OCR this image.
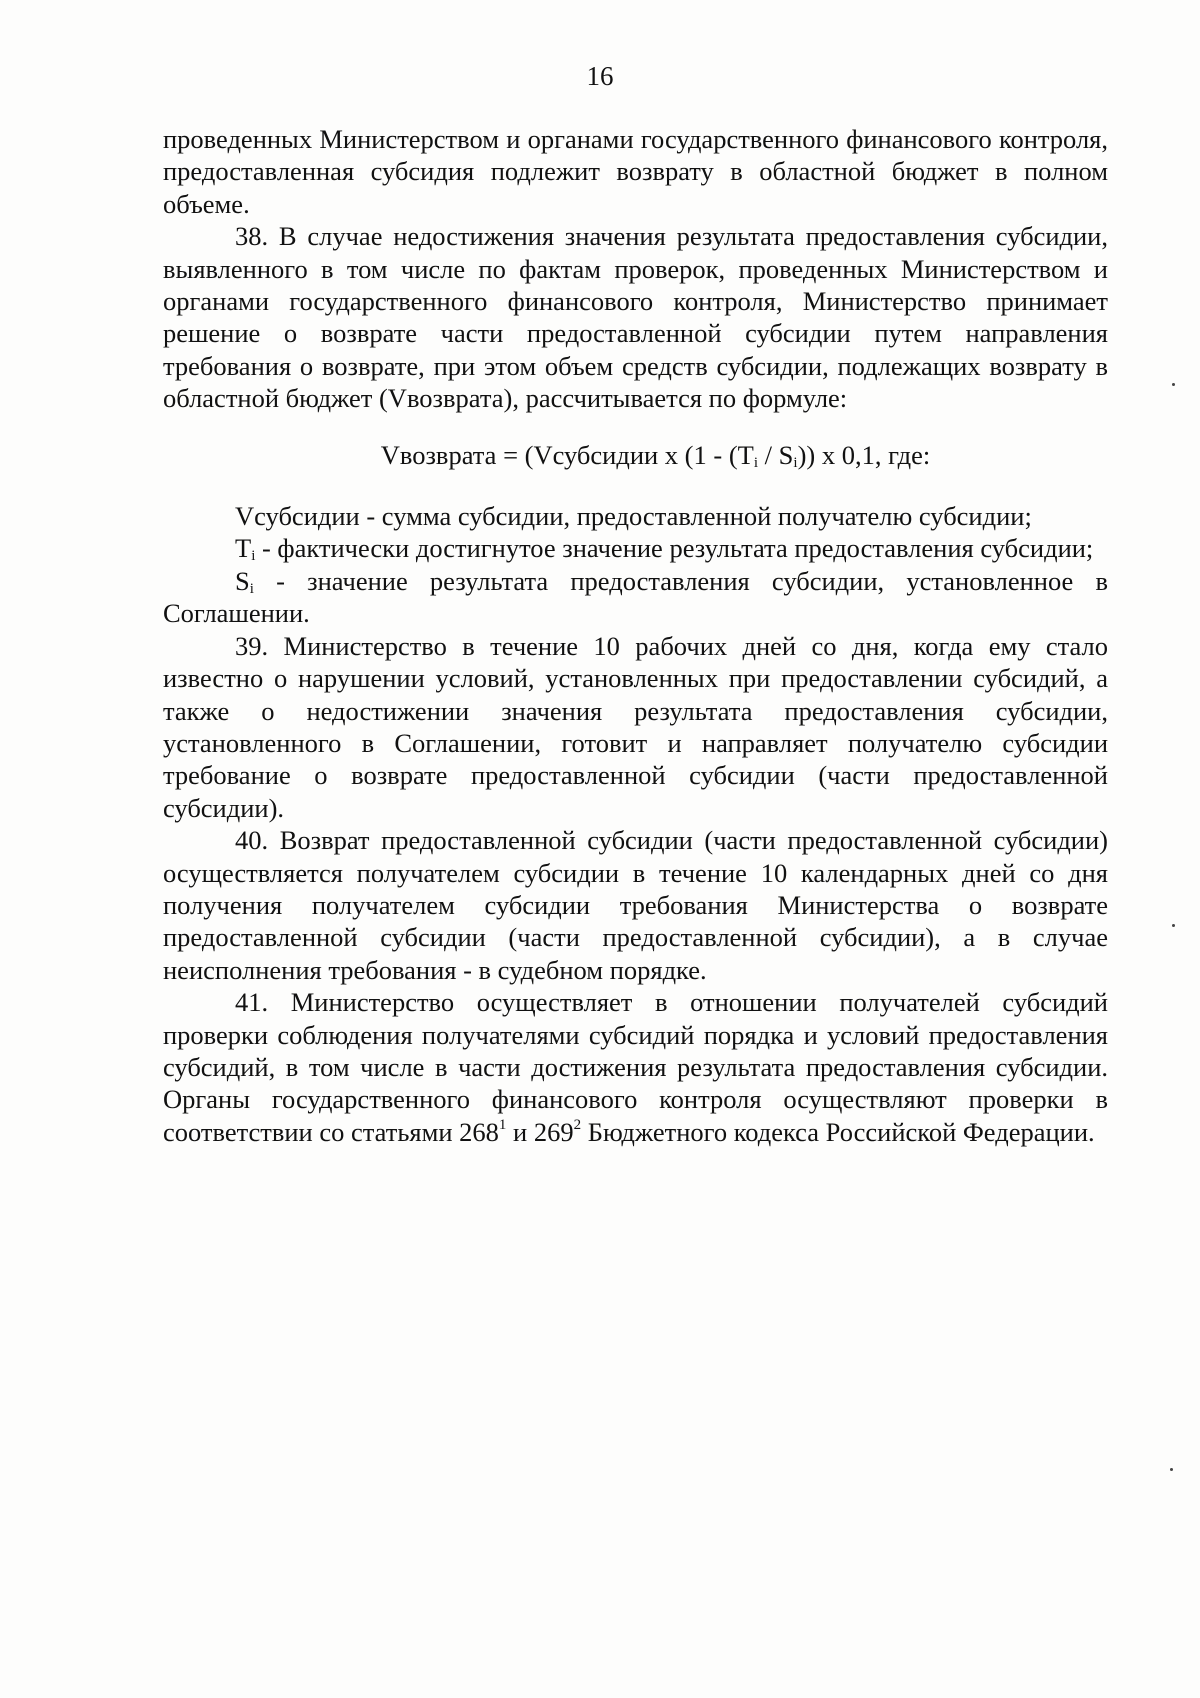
16

проведенных Министерством и органами государственного финансового контроля, предоставленная субсидия подлежит возврату в областной бюджет в полном объеме.

38. В случае недостижения значения результата предоставления субсидии, выявленного в том числе по фактам проверок, проведенных Министерством и органами государственного финансового контроля, Министерство принимает решение о возврате части предоставленной субсидии путем направления требования о возврате, при этом объем средств субсидии, подлежащих возврату в областной бюджет (Vвозврата), рассчитывается по формуле:

Vвозврата = (Vсубсидии x $(1 - (T_i / S_i))$ x 0,1, где:

Vсубсидии - сумма субсидии, предоставленной получателю субсидии;

$T_i$ - фактически достигнутое значение результата предоставления субсидии;

$S_i$ - значение результата предоставления субсидии, установленное в Соглашении.

39. Министерство в течение 10 рабочих дней со дня, когда ему стало известно о нарушении условий, установленных при предоставлении субсидий, а также о недостижении значения результата предоставления субсидии, установленного в Соглашении, готовит и направляет получателю субсидии требование о возврате предоставленной субсидии (части предоставленной субсидии).

40. Возврат предоставленной субсидии (части предоставленной субсидии) осуществляется получателем субсидии в течение 10 календарных дней со дня получения получателем субсидии требования Министерства о возврате предоставленной субсидии (части предоставленной субсидии), а в случае неисполнения требования - в судебном порядке.

41. Министерство осуществляет в отношении получателей субсидий проверки соблюдения получателями субсидий порядка и условий предоставления субсидий, в том числе в части достижения результата предоставления субсидии. Органы государственного финансового контроля осуществляют проверки в соответствии со статьями $268^1$ и $269^2$ Бюджетного кодекса Российской Федерации.
